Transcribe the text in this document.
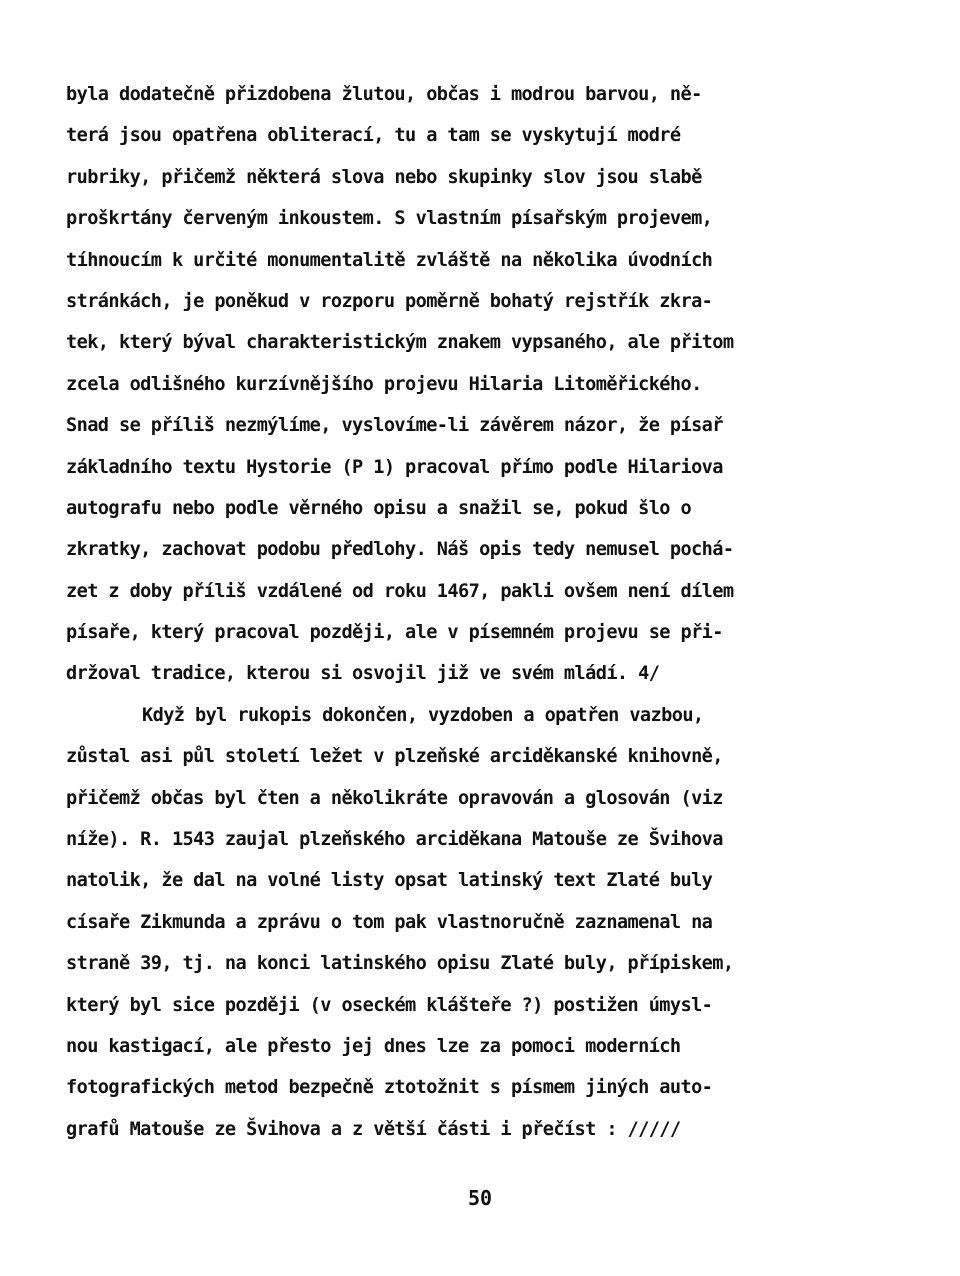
byla dodatečně přizdobena žlutou, občas i modrou barvou, ně-
terá jsou opatřena obliterací, tu a tam se vyskytují modré
rubriky, přičemž některá slova nebo skupinky slov jsou slabě
proškrtány červeným inkoustem. S vlastním písařským projevem,
tíhnoucím k určité monumentalitě zvláště na několika úvodních
stránkách, je poněkud v rozporu poměrně bohatý rejstřík zkra-
tek, který býval charakteristickým znakem vypsaného, ale přitom
zcela odlišného kurzívnějšího projevu Hilaria Litoměřického.
Snad se příliš nezmýlíme, vyslovíme-li závěrem názor, že písař
základního textu Hystorie (P 1) pracoval přímo podle Hilariova
autografu nebo podle věrného opisu a snažil se, pokud šlo o
zkratky, zachovat podobu předlohy. Náš opis tedy nemusel pochá-
zet z doby příliš vzdálené od roku 1467, pakli ovšem není dílem
písaře, který pracoval později, ale v písemném projevu se při-
držoval tradice, kterou si osvojil již ve svém mládí. 4/
Když byl rukopis dokončen, vyzdoben a opatřen vazbou,
zůstal asi půl století ležet v plzeňské arciděkanské knihovně,
přičemž občas byl čten a několikráte opravován a glosován (viz
níže). R. 1543 zaujal plzeňského arciděkana Matouše ze Švihova
natolik, že dal na volné listy opsat latinský text Zlaté buly
císaře Zikmunda a zprávu o tom pak vlastnoručně zaznamenal na
straně 39, tj. na konci latinského opisu Zlaté buly, přípiskem,
který byl sice později (v oseckém klášteře ?) postižen úmysl-
nou kastigací, ale přesto jej dnes lze za pomoci moderních
fotografických metod bezpečně ztotožnit s písmem jiných auto-
grafů Matouše ze Švihova a z větší části i přečíst : /////
50
